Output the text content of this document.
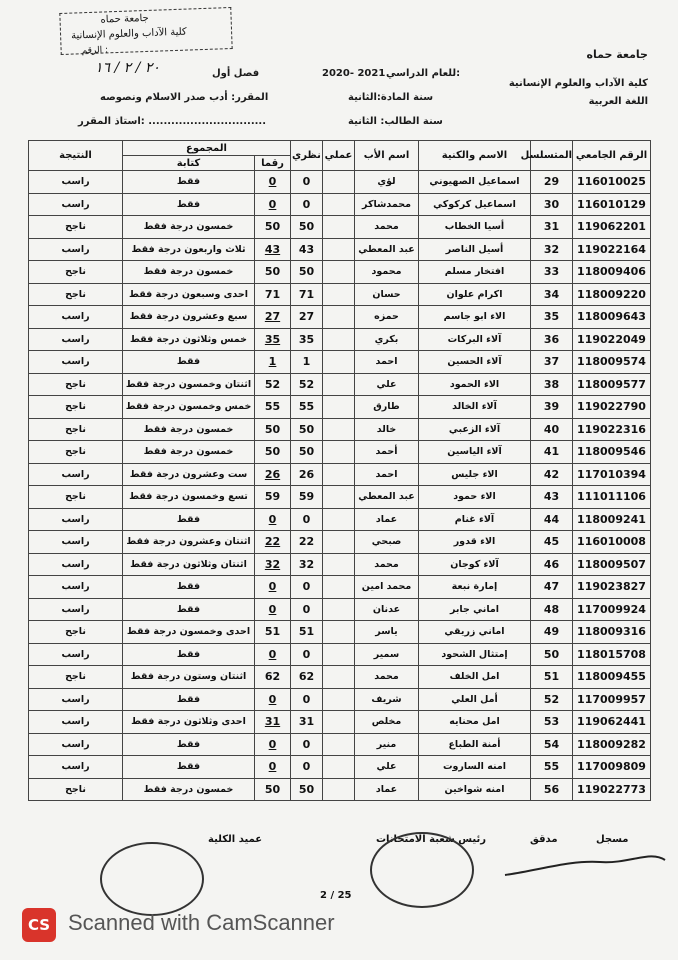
جامعة حماه
كلية الآداب والعلوم الإنسانية
الرقم :
٢٠ / ٢ / ١٦
جامعة حماه
كلية الآداب والعلوم الإنسانية
اللغة العربية
للعام الدراسي:
2020- 2021
فصل أول
سنة المادة:الثانية
المقرر: أدب صدر الاسلام ونصوصه
سنة الطالب: الثانية
استاذ المقرر: ...............................
الرقم الجامعي	المتسلسل	الاسم والكنية	اسم الأب	عملي	نظري	المجموع		النتيجة
						رقما	كتابة	
116010025	29	اسماعيل الصهيوني	لؤي		0	0	فقط	راسب
116010129	30	اسماعيل كركوكي	محمدشاكر		0	0	فقط	راسب
119062201	31	أسيا الخطاب	محمد		50	50	خمسون درجة فقط	ناجح
119022164	32	أسيل الناصر	عبد المعطي		43	43	ثلاث واربعون درجة فقط	راسب
118009406	33	افتخار مسلم	محمود		50	50	خمسون درجة فقط	ناجح
118009220	34	اكرام علوان	حسان		71	71	احدى وسبعون درجة فقط	ناجح
118009643	35	الاء ابو جاسم	حمزه		27	27	سبع وعشرون درجة فقط	راسب
119022049	36	آلاء البركات	بكري		35	35	خمس وثلاثون درجة فقط	راسب
118009574	37	آلاء الحسين	احمد		1	1	فقط	راسب
118009577	38	الاء الحمود	علي		52	52	اثنتان وخمسون درجة فقط	ناجح
119022790	39	آلاء الخالد	طارق		55	55	خمس وخمسون درجة فقط	ناجح
119022316	40	آلاء الزعبي	خالد		50	50	خمسون درجة فقط	ناجح
118009546	41	آلاء الياسين	أحمد		50	50	خمسون درجة فقط	ناجح
117010394	42	الاء جليس	احمد		26	26	ست وعشرون درجة فقط	راسب
111011106	43	الاء حمود	عبد المعطي		59	59	تسع وخمسون درجة فقط	ناجح
118009241	44	آلاء غنام	عماد		0	0	فقط	راسب
116010008	45	الاء قدور	صبحي		22	22	اثنتان وعشرون درجة فقط	راسب
118009507	46	آلاء كوجان	محمد		32	32	اثنتان وثلاثون درجة فقط	راسب
119023827	47	إمارة نبعة	محمد امين		0	0	فقط	راسب
117009924	48	اماني جابر	عدنان		0	0	فقط	راسب
118009316	49	اماني زريقي	ياسر		51	51	احدى وخمسون درجة فقط	ناجح
118015708	50	إمتثال الشحود	سمير		0	0	فقط	راسب
118009455	51	امل الخلف	محمد		62	62	اثنتان وستون درجة فقط	ناجح
117009957	52	أمل العلي	شريف		0	0	فقط	راسب
119062441	53	امل محنايه	مخلص		31	31	احدى وثلاثون درجة فقط	راسب
118009282	54	أمنة الطباع	منير		0	0	فقط	راسب
117009809	55	امنه الساروت	علي		0	0	فقط	راسب
119022773	56	امنه شواخين	عماد		50	50	خمسون درجة فقط	ناجح
مسجل
مدقق
رئيس شعبة الامتحانات
عميد الكلية
2 / 25
CS Scanned with CamScanner
